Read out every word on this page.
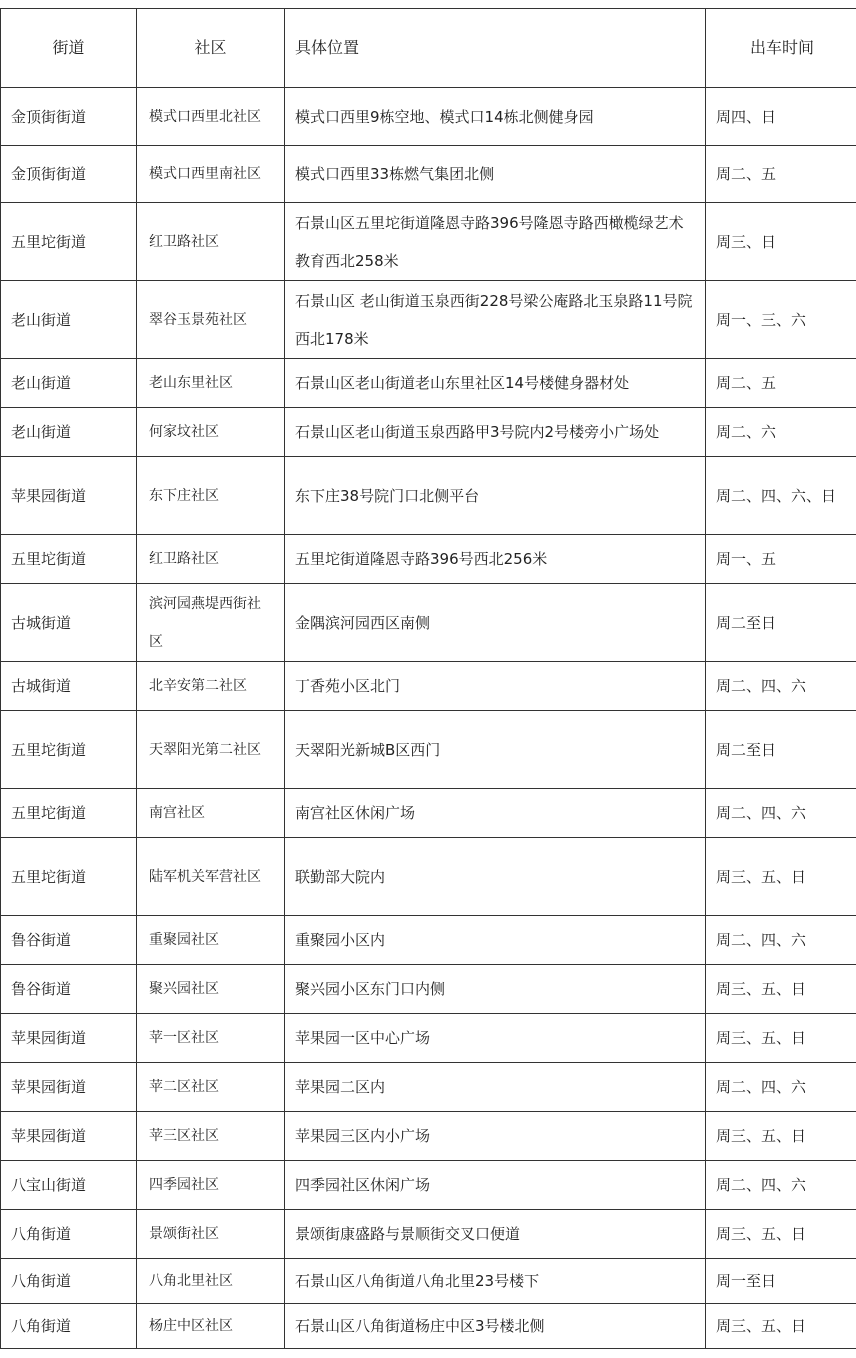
街道	社区	具体位置	出车时间
金顶街街道	模式口西里北社区	模式口西里9栋空地、模式口14栋北侧健身园	周四、日
金顶街街道	模式口西里南社区	模式口西里33栋燃气集团北侧	周二、五
五里坨街道	红卫路社区	石景山区五里坨街道隆恩寺路396号隆恩寺路西橄榄绿艺术教育西北258米	周三、日
老山街道	翠谷玉景苑社区	石景山区 老山街道玉泉西街228号梁公庵路北玉泉路11号院西北178米	周一、三、六
老山街道	老山东里社区	石景山区老山街道老山东里社区14号楼健身器材处	周二、五
老山街道	何家坟社区	石景山区老山街道玉泉西路甲3号院内2号楼旁小广场处	周二、六
苹果园街道	东下庄社区	东下庄38号院门口北侧平台	周二、四、六、日
五里坨街道	红卫路社区	五里坨街道隆恩寺路396号西北256米	周一、五
古城街道	滨河园燕堤西街社区	金隅滨河园西区南侧	周二至日
古城街道	北辛安第二社区	丁香苑小区北门	周二、四、六
五里坨街道	天翠阳光第二社区	天翠阳光新城B区西门	周二至日
五里坨街道	南宫社区	南宫社区休闲广场	周二、四、六
五里坨街道	陆军机关军营社区	联勤部大院内	周三、五、日
鲁谷街道	重聚园社区	重聚园小区内	周二、四、六
鲁谷街道	聚兴园社区	聚兴园小区东门口内侧	周三、五、日
苹果园街道	苹一区社区	苹果园一区中心广场	周三、五、日
苹果园街道	苹二区社区	苹果园二区内	周二、四、六
苹果园街道	苹三区社区	苹果园三区内小广场	周三、五、日
八宝山街道	四季园社区	四季园社区休闲广场	周二、四、六
八角街道	景颂街社区	景颂街康盛路与景顺街交叉口便道	周三、五、日
八角街道	八角北里社区	石景山区八角街道八角北里23号楼下	周一至日
八角街道	杨庄中区社区	石景山区八角街道杨庄中区3号楼北侧	周三、五、日
